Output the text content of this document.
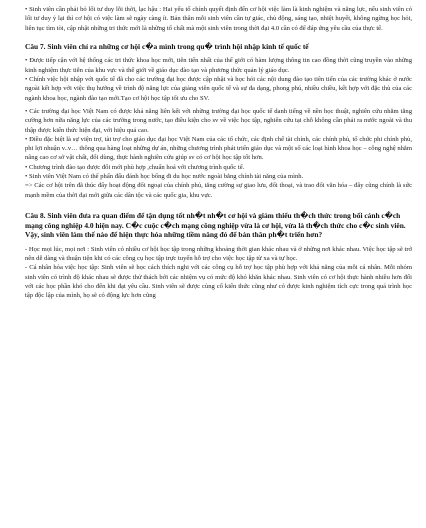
• Sinh viên cần phải bỏ lối tư duy lỗi thời, lạc hậu : Hai yếu tố chính quyết định đến cơ hội việc làm là kinh nghiệm và năng lực, nếu sinh viên có lối tư duy ỷ lại thì cơ hội có việc làm sẽ ngày càng ít. Bản thân mỗi sinh viên cần tự giác, chủ động, sáng tạo, nhiệt huyết, không ngừng học hỏi, liên tục tìm tòi, cập nhật những tri thức mới là những tố chất mà một sinh viên trong thời đại 4.0 cần có để đáp ứng yêu cầu của thực tế.

Câu 7. Sinh viên chỉ ra những cơ hội c�a mình trong qu� trình hội nhập kinh tế quốc tế

• Được tiếp cận với hệ thống các tri thức khoa học mới, tiên tiến nhất của thế giới có hàm lượng thông tin cao đồng thời cũng truyền vào những kinh nghiệm thực tiễn của khu vực và thế giới về giáo dục đào tạo và phương thức quản lý giáo dục.

• Chính việc hội nhập với quốc tế đã cho các trường đại học được cập nhật và học hỏi các nội dung đào tạo tiên tiến của các trường khác ở nước ngoài kết hợp với việc thụ hưởng về trình độ năng lực của giảng viên quốc tế và sự đa dạng, phong phú, nhiều chiều, kết hợp với đặc thù của các ngành khoa học, ngành đào tạo mới.Tạo cơ hội học tập tối ưu cho SV.

• Các trường đại học Việt Nam có được khả năng liên kết với những trường đại học quốc tế danh tiếng về nền học thuật, nghiên cứu nhằm tăng cường hơn nữa năng lực của các trường trong nước, tạo điều kiện cho sv về việc học tập, nghiên cứu tại chỗ không cần phải ra nước ngoài và thu thập được kiến thức hiện đại, với hiệu quả cao.

• Điều đặc biệt là sự viện trợ, tài trợ cho giáo dục đại học Việt Nam của các tổ chức, các định chế tài chính, các chính phủ, tổ chức phi chính phủ, phi lợi nhuận v..v… thông qua hàng loạt những dự án, những chương trình phát triển giáo dục và một số các loại hình khoa học – công nghệ nhằm nâng cao cơ sở vật chất, đổi dùng, thực hành nghiên cứu giúp sv có cơ hội học tập tốt hơn.

• Chương trình đào tạo được đổi mới phù hợp ,chuẩn hoá với chương trình quốc tế.

• Sinh viên Việt Nam có thể phấn đấu đánh học bổng đi du học nước ngoài bằng chính tài năng của mình.

=> Các cơ hội trên đã thúc đẩy hoạt động đổi ngoại của chính phủ, tăng cường sự giao lưu, đổi thoại, và trao đổi văn hóa – đây cũng chính là sức mạnh mềm của thời đại mới giữa các dân tộc và các quốc gia, khu vực.

Câu 8. Sinh viên đưa ra quan điểm để tận dụng tốt nh�t nh�t cơ hội và giảm thiểu th�ch thức trong bối cảnh c�ch mạng công nghiệp 4.0 hiện nay. C�c cuộc c�ch mạng công nghiệp vừa là cơ hội, vừa là th�ch thức cho c�c sinh viên. Vậy, sinh viên làm thế nào để hiện thực hóa những tiềm năng đó để bản thân ph�t triển hơn?

- Học mọi lúc, mọi nơi : Sinh viên có nhiều cơ hội học tập trong những khoảng thời gian khác nhau và ở những nơi khác nhau. Việc học tập sẽ trở nên dễ dàng và thuận tiện khi có các công cụ học tập trực tuyến hỗ trợ cho việc học tập từ xa và tự học.

- Cá nhân hóa việc học tập: Sinh viên sẽ học cách thích nghi với các công cụ hỗ trợ học tập phù hợp với khả năng của mỗi cá nhân. Mỗi nhóm sinh viên có trình độ khác nhau sẽ được thử thách bởi các nhiệm vụ có mức độ khó khăn khác nhau. Sinh viên có cơ hội thực hành nhiều hơn đối với các học phần khó cho đến khi đạt yêu cầu. Sinh viên sẽ được củng cố kiến thức cũng như có được kinh nghiệm tích cực trong quá trình học tập độc lập của mình, họ sẽ có động lực hơn cũng
